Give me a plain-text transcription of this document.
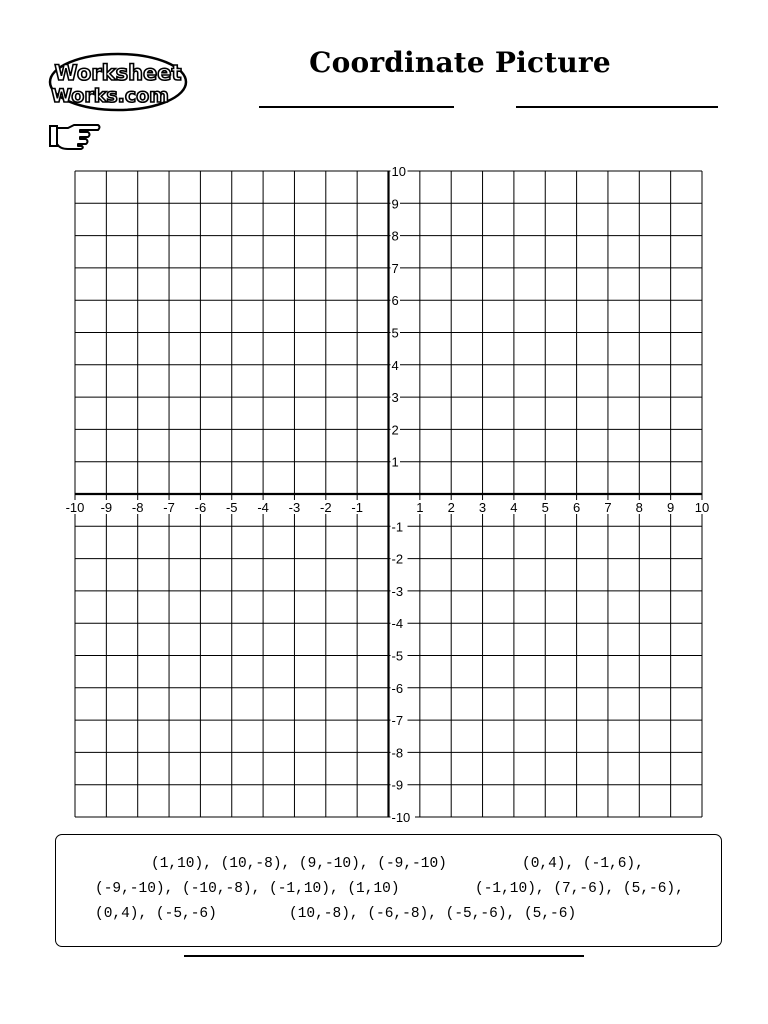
Worksheet
Works.com
Coordinate Picture
-10 -9 -8 -7 -6 -5 -4 -3 -2 -1	1 2 3 4 5 6 7 8 9 10
10
9
8
7
6
5
4
3
2
1
-1
-2
-3
-4
-5
-6
-7
-8
-9
-10
(1,10), (10,-8), (9,-10), (-9,-10)	(0,4), (-1,6),
(-9,-10), (-10,-8), (-1,10), (1,10)	(-1,10), (7,-6), (5,-6),
(0,4), (-5,-6)	(10,-8), (-6,-8), (-5,-6), (5,-6)
